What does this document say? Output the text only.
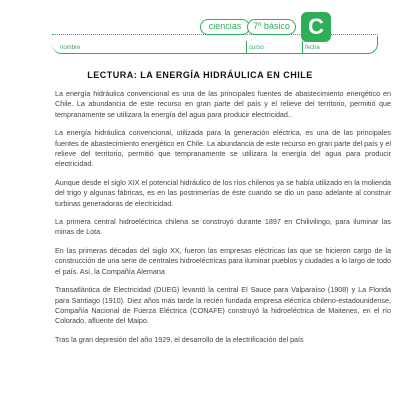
ciencias	7º básico C
nombre	curso	fecha
LECTURA: LA ENERGÍA HIDRÁULICA EN CHILE

La energía hidráulica convencional es una de las principales fuentes de abastecimiento energético en Chile. La abundancia de este recurso en gran parte del país y el relieve del territorio, permitió que tempranamente se utilizara la energía del agua para producir electricidad..

La energía hidráulica convencional, utilizada para la generación eléctrica, es una de las principales fuentes de abastecimiento energético en Chile. La abundancia de este recurso en gran parte del país y el relieve del territorio, permitió que tempranamente se utilizara la energía del agua para producir electricidad.

Aunque desde el siglo XIX el potencial hidráulico de los ríos chilenos ya se había utilizado en la molienda del trigo y algunas fábricas, es en las postrimerías de éste cuando se dio un paso adelante al construir turbinas generadoras de electricidad.

La primera central hidroeléctrica chilena se construyó durante 1897 en Chilivilingo, para iluminar las minas de Lota.

En las primeras décadas del siglo XX, fueron las empresas eléctricas las que se hicieron cargo de la construcción de una serie de centrales hidroeléctricas para iluminar pueblos y ciudades a lo largo de todo el país. Así, la Compañía Alemana

Transatlántica de Electricidad (DUEG) levantó la central El Sauce para Valparaíso (1908) y La Florida para Santiago (1910). Diez años más tarde la recién fundada empresa eléctrica chileno-estadounidense, Compañía Nacional de Fuerza Eléctrica (CONAFE) construyó la hidroeléctrica de Maitenes, en el río Colorado, afluente del Maipo.

Tras la gran depresión del año 1929, el desarrollo de la electrificación del país
